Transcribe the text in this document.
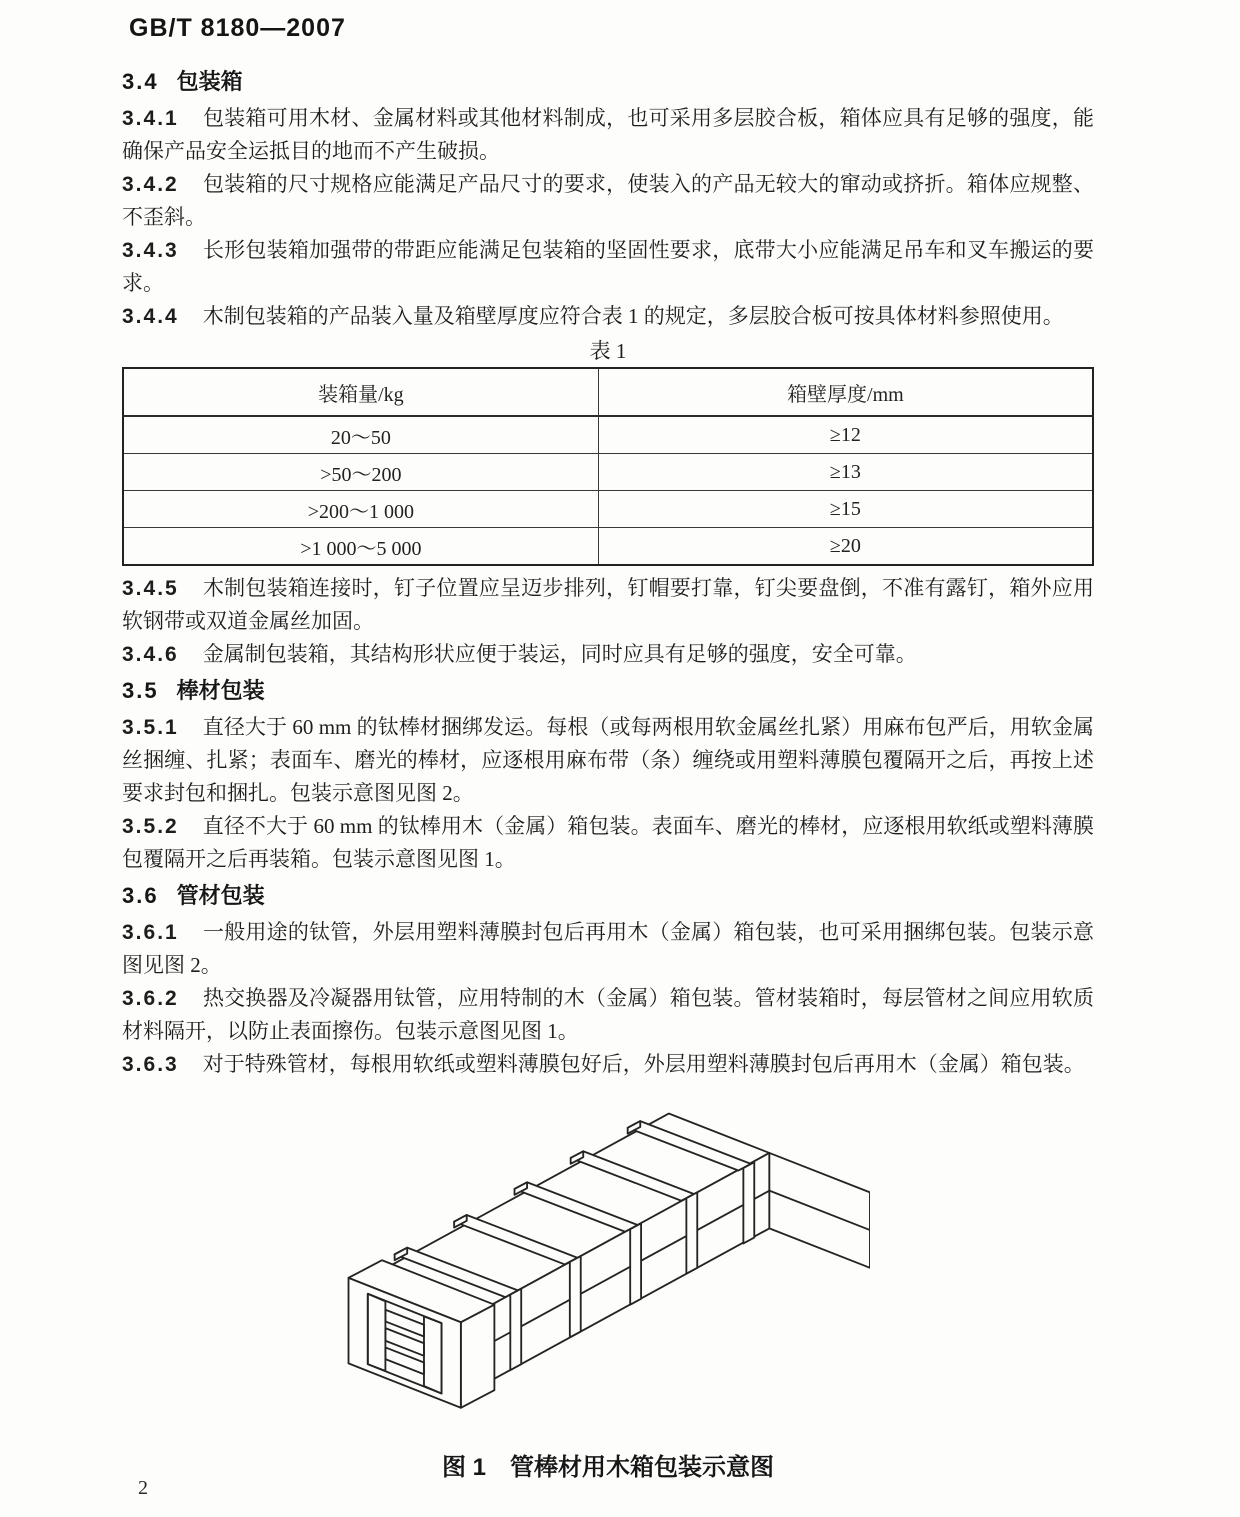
GB/T 8180—2007

3.4 包装箱

3.4.1 包装箱可用木材、金属材料或其他材料制成，也可采用多层胶合板，箱体应具有足够的强度，能确保产品安全运抵目的地而不产生破损。

3.4.2 包装箱的尺寸规格应能满足产品尺寸的要求，使装入的产品无较大的窜动或挤折。箱体应规整、不歪斜。

3.4.3 长形包装箱加强带的带距应能满足包装箱的坚固性要求，底带大小应能满足吊车和叉车搬运的要求。

3.4.4 木制包装箱的产品装入量及箱壁厚度应符合表 1 的规定，多层胶合板可按具体材料参照使用。

表 1
装箱量/kg	箱壁厚度/mm
20～50	≥12
>50～200	≥13
>200～1 000	≥15
>1 000～5 000	≥20

3.4.5 木制包装箱连接时，钉子位置应呈迈步排列，钉帽要打靠，钉尖要盘倒，不准有露钉，箱外应用软钢带或双道金属丝加固。

3.4.6 金属制包装箱，其结构形状应便于装运，同时应具有足够的强度，安全可靠。

3.5 棒材包装

3.5.1 直径大于 60 mm 的钛棒材捆绑发运。每根（或每两根用软金属丝扎紧）用麻布包严后，用软金属丝捆缠、扎紧；表面车、磨光的棒材，应逐根用麻布带（条）缠绕或用塑料薄膜包覆隔开之后，再按上述要求封包和捆扎。包装示意图见图 2。

3.5.2 直径不大于 60 mm 的钛棒用木（金属）箱包装。表面车、磨光的棒材，应逐根用软纸或塑料薄膜包覆隔开之后再装箱。包装示意图见图 1。

3.6 管材包装

3.6.1 一般用途的钛管，外层用塑料薄膜封包后再用木（金属）箱包装，也可采用捆绑包装。包装示意图见图 2。

3.6.2 热交换器及冷凝器用钛管，应用特制的木（金属）箱包装。管材装箱时，每层管材之间应用软质材料隔开，以防止表面擦伤。包装示意图见图 1。

3.6.3 对于特殊管材，每根用软纸或塑料薄膜包好后，外层用塑料薄膜封包后再用木（金属）箱包装。

图 1　管棒材用木箱包装示意图
2
